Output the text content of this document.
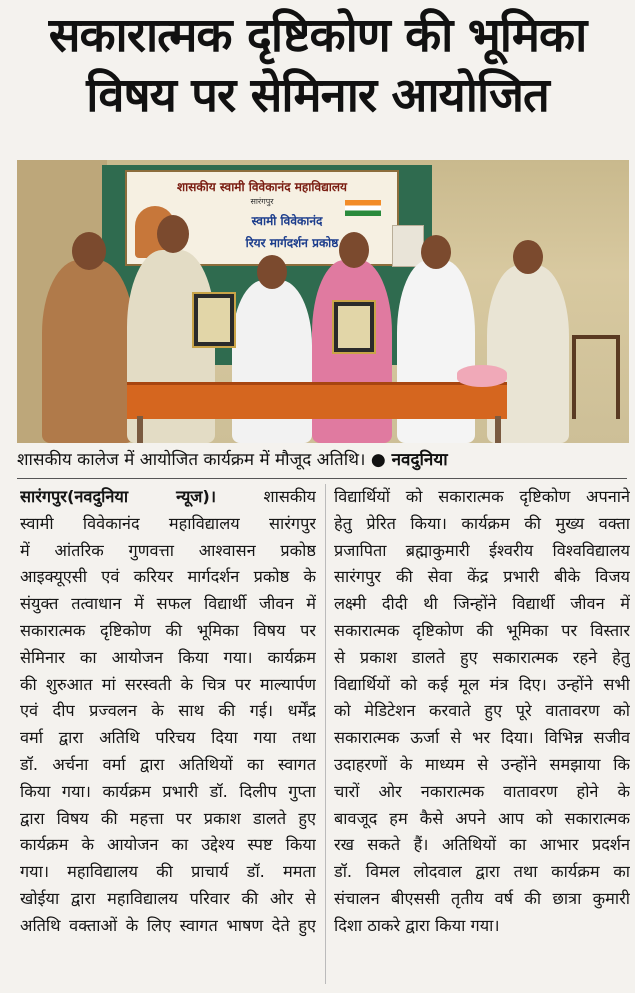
सकारात्मक दृष्टिकोण की भूमिका
विषय पर सेमिनार आयोजित
शासकीय स्वामी विवेकानंद महाविद्यालय
सारंगपुर
स्वामी विवेकानंद
रियर मार्गदर्शन प्रकोष्ठ
शासकीय कालेज में आयोजित कार्यक्रम में मौजूद अतिथि। ● नवदुनिया
सारंगपुर(नवदुनिया न्यूज)। शासकीय
स्वामी विवेकानंद महाविद्यालय सारंगपुर
में आंतरिक गुणवत्ता आश्वासन प्रकोष्ठ
आइक्यूएसी एवं करियर मार्गदर्शन प्रकोष्ठ के
संयुक्त तत्वाधान में सफल विद्यार्थी जीवन में
सकारात्मक दृष्टिकोण की भूमिका विषय पर
सेमिनार का आयोजन किया गया। कार्यक्रम
की शुरुआत मां सरस्वती के चित्र पर माल्यार्पण
एवं दीप प्रज्वलन के साथ की गई। धर्मेंद्र
वर्मा द्वारा अतिथि परिचय दिया गया तथा
डॉ. अर्चना वर्मा द्वारा अतिथियों का स्वागत
किया गया। कार्यक्रम प्रभारी डॉ. दिलीप गुप्ता
द्वारा विषय की महत्ता पर प्रकाश डालते हुए
कार्यक्रम के आयोजन का उद्देश्य स्पष्ट किया
गया। महाविद्यालय की प्राचार्य डॉ. ममता
खोईया द्वारा महाविद्यालय परिवार की ओर से
अतिथि वक्ताओं के लिए स्वागत भाषण देते हुए
विद्यार्थियों को सकारात्मक दृष्टिकोण अपनाने
हेतु प्रेरित किया। कार्यक्रम की मुख्य वक्ता
प्रजापिता ब्रह्माकुमारी ईश्वरीय विश्वविद्यालय
सारंगपुर की सेवा केंद्र प्रभारी बीके विजय
लक्ष्मी दीदी थी जिन्होंने विद्यार्थी जीवन में
सकारात्मक दृष्टिकोण की भूमिका पर विस्तार
से प्रकाश डालते हुए सकारात्मक रहने हेतु
विद्यार्थियों को कई मूल मंत्र दिए। उन्होंने सभी
को मेडिटेशन करवाते हुए पूरे वातावरण को
सकारात्मक ऊर्जा से भर दिया। विभिन्न सजीव
उदाहरणों के माध्यम से उन्होंने समझाया कि
चारों ओर नकारात्मक वातावरण होने के
बावजूद हम कैसे अपने आप को सकारात्मक
रख सकते हैं। अतिथियों का आभार प्रदर्शन
डॉ. विमल लोदवाल द्वारा तथा कार्यक्रम का
संचालन बीएससी तृतीय वर्ष की छात्रा कुमारी
दिशा ठाकरे द्वारा किया गया।
